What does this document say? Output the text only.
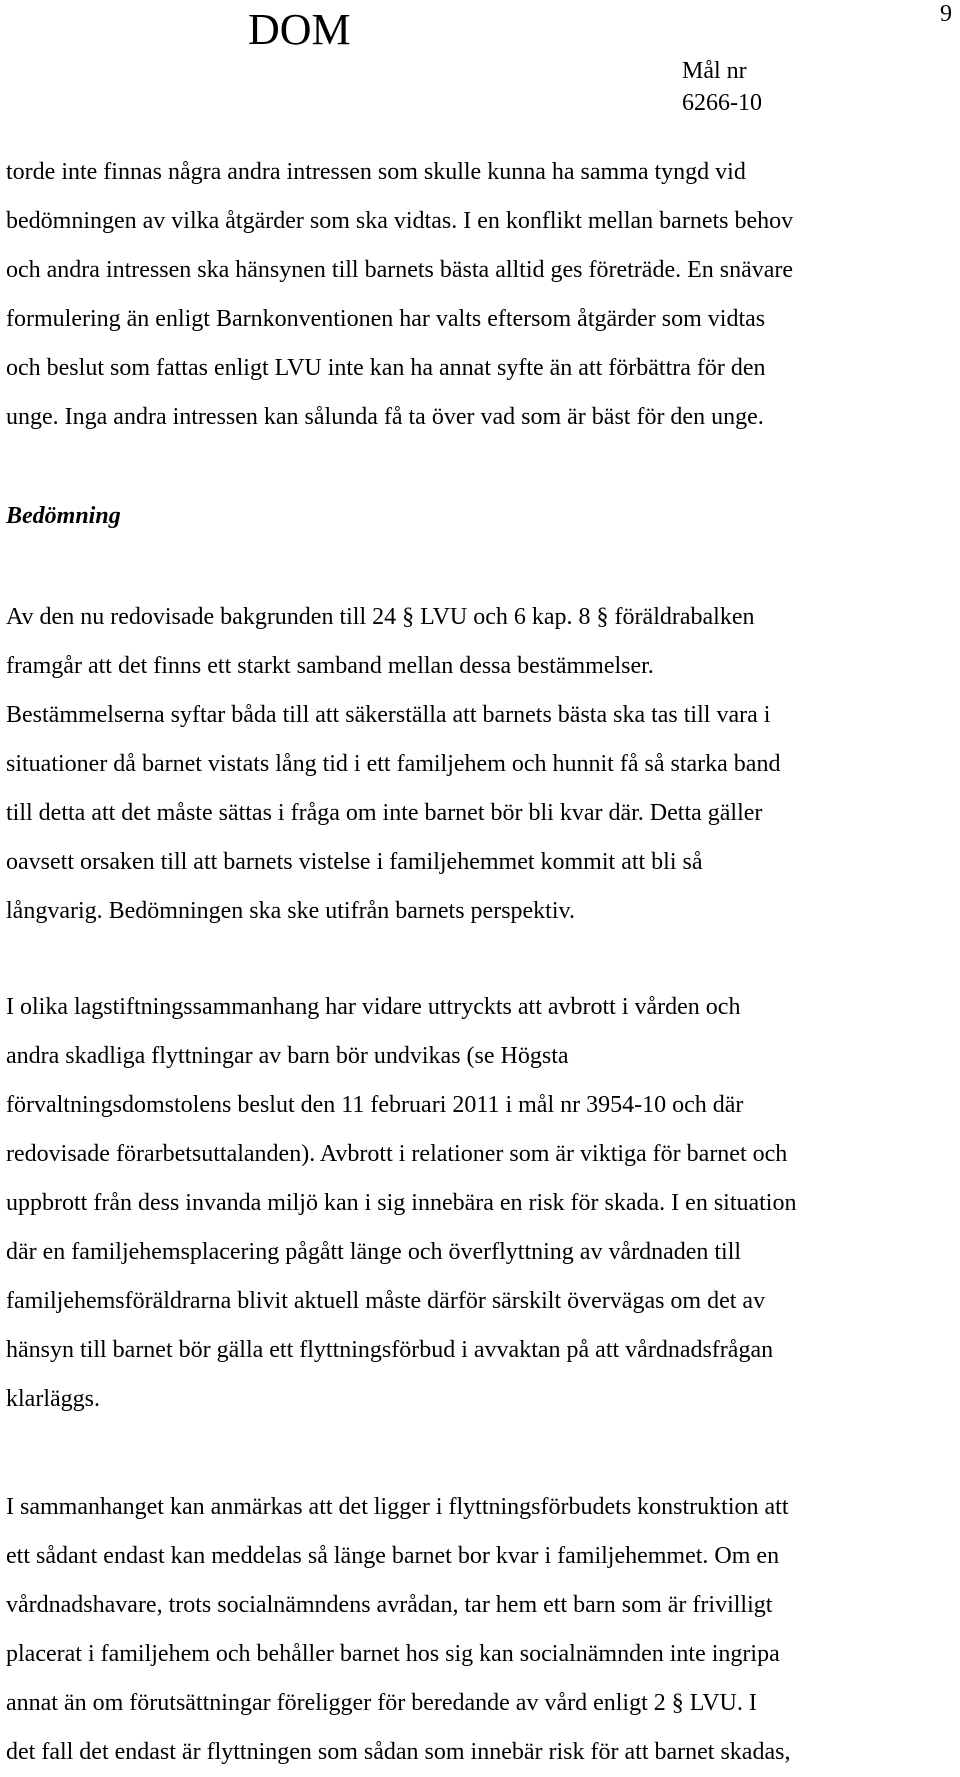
DOM	9
Mål nr
6266-10

torde inte finnas några andra intressen som skulle kunna ha samma tyngd vid
bedömningen av vilka åtgärder som ska vidtas. I en konflikt mellan barnets behov
och andra intressen ska hänsynen till barnets bästa alltid ges företräde. En snävare
formulering än enligt Barnkonventionen har valts eftersom åtgärder som vidtas
och beslut som fattas enligt LVU inte kan ha annat syfte än att förbättra för den
unge. Inga andra intressen kan sålunda få ta över vad som är bäst för den unge.

Bedömning

Av den nu redovisade bakgrunden till 24 § LVU och 6 kap. 8 § föräldrabalken
framgår att det finns ett starkt samband mellan dessa bestämmelser.
Bestämmelserna syftar båda till att säkerställa att barnets bästa ska tas till vara i
situationer då barnet vistats lång tid i ett familjehem och hunnit få så starka band
till detta att det måste sättas i fråga om inte barnet bör bli kvar där. Detta gäller
oavsett orsaken till att barnets vistelse i familjehemmet kommit att bli så
långvarig. Bedömningen ska ske utifrån barnets perspektiv.

I olika lagstiftningssammanhang har vidare uttryckts att avbrott i vården och
andra skadliga flyttningar av barn bör undvikas (se Högsta
förvaltningsdomstolens beslut den 11 februari 2011 i mål nr 3954-10 och där
redovisade förarbetsuttalanden). Avbrott i relationer som är viktiga för barnet och
uppbrott från dess invanda miljö kan i sig innebära en risk för skada. I en situation
där en familjehemsplacering pågått länge och överflyttning av vårdnaden till
familjehemsföräldrarna blivit aktuell måste därför särskilt övervägas om det av
hänsyn till barnet bör gälla ett flyttningsförbud i avvaktan på att vårdnadsfrågan
klarläggs.

I sammanhanget kan anmärkas att det ligger i flyttningsförbudets konstruktion att
ett sådant endast kan meddelas så länge barnet bor kvar i familjehemmet. Om en
vårdnadshavare, trots socialnämndens avrådan, tar hem ett barn som är frivilligt
placerat i familjehem och behåller barnet hos sig kan socialnämnden inte ingripa
annat än om förutsättningar föreligger för beredande av vård enligt 2 § LVU. I
det fall det endast är flyttningen som sådan som innebär risk för att barnet skadas,
